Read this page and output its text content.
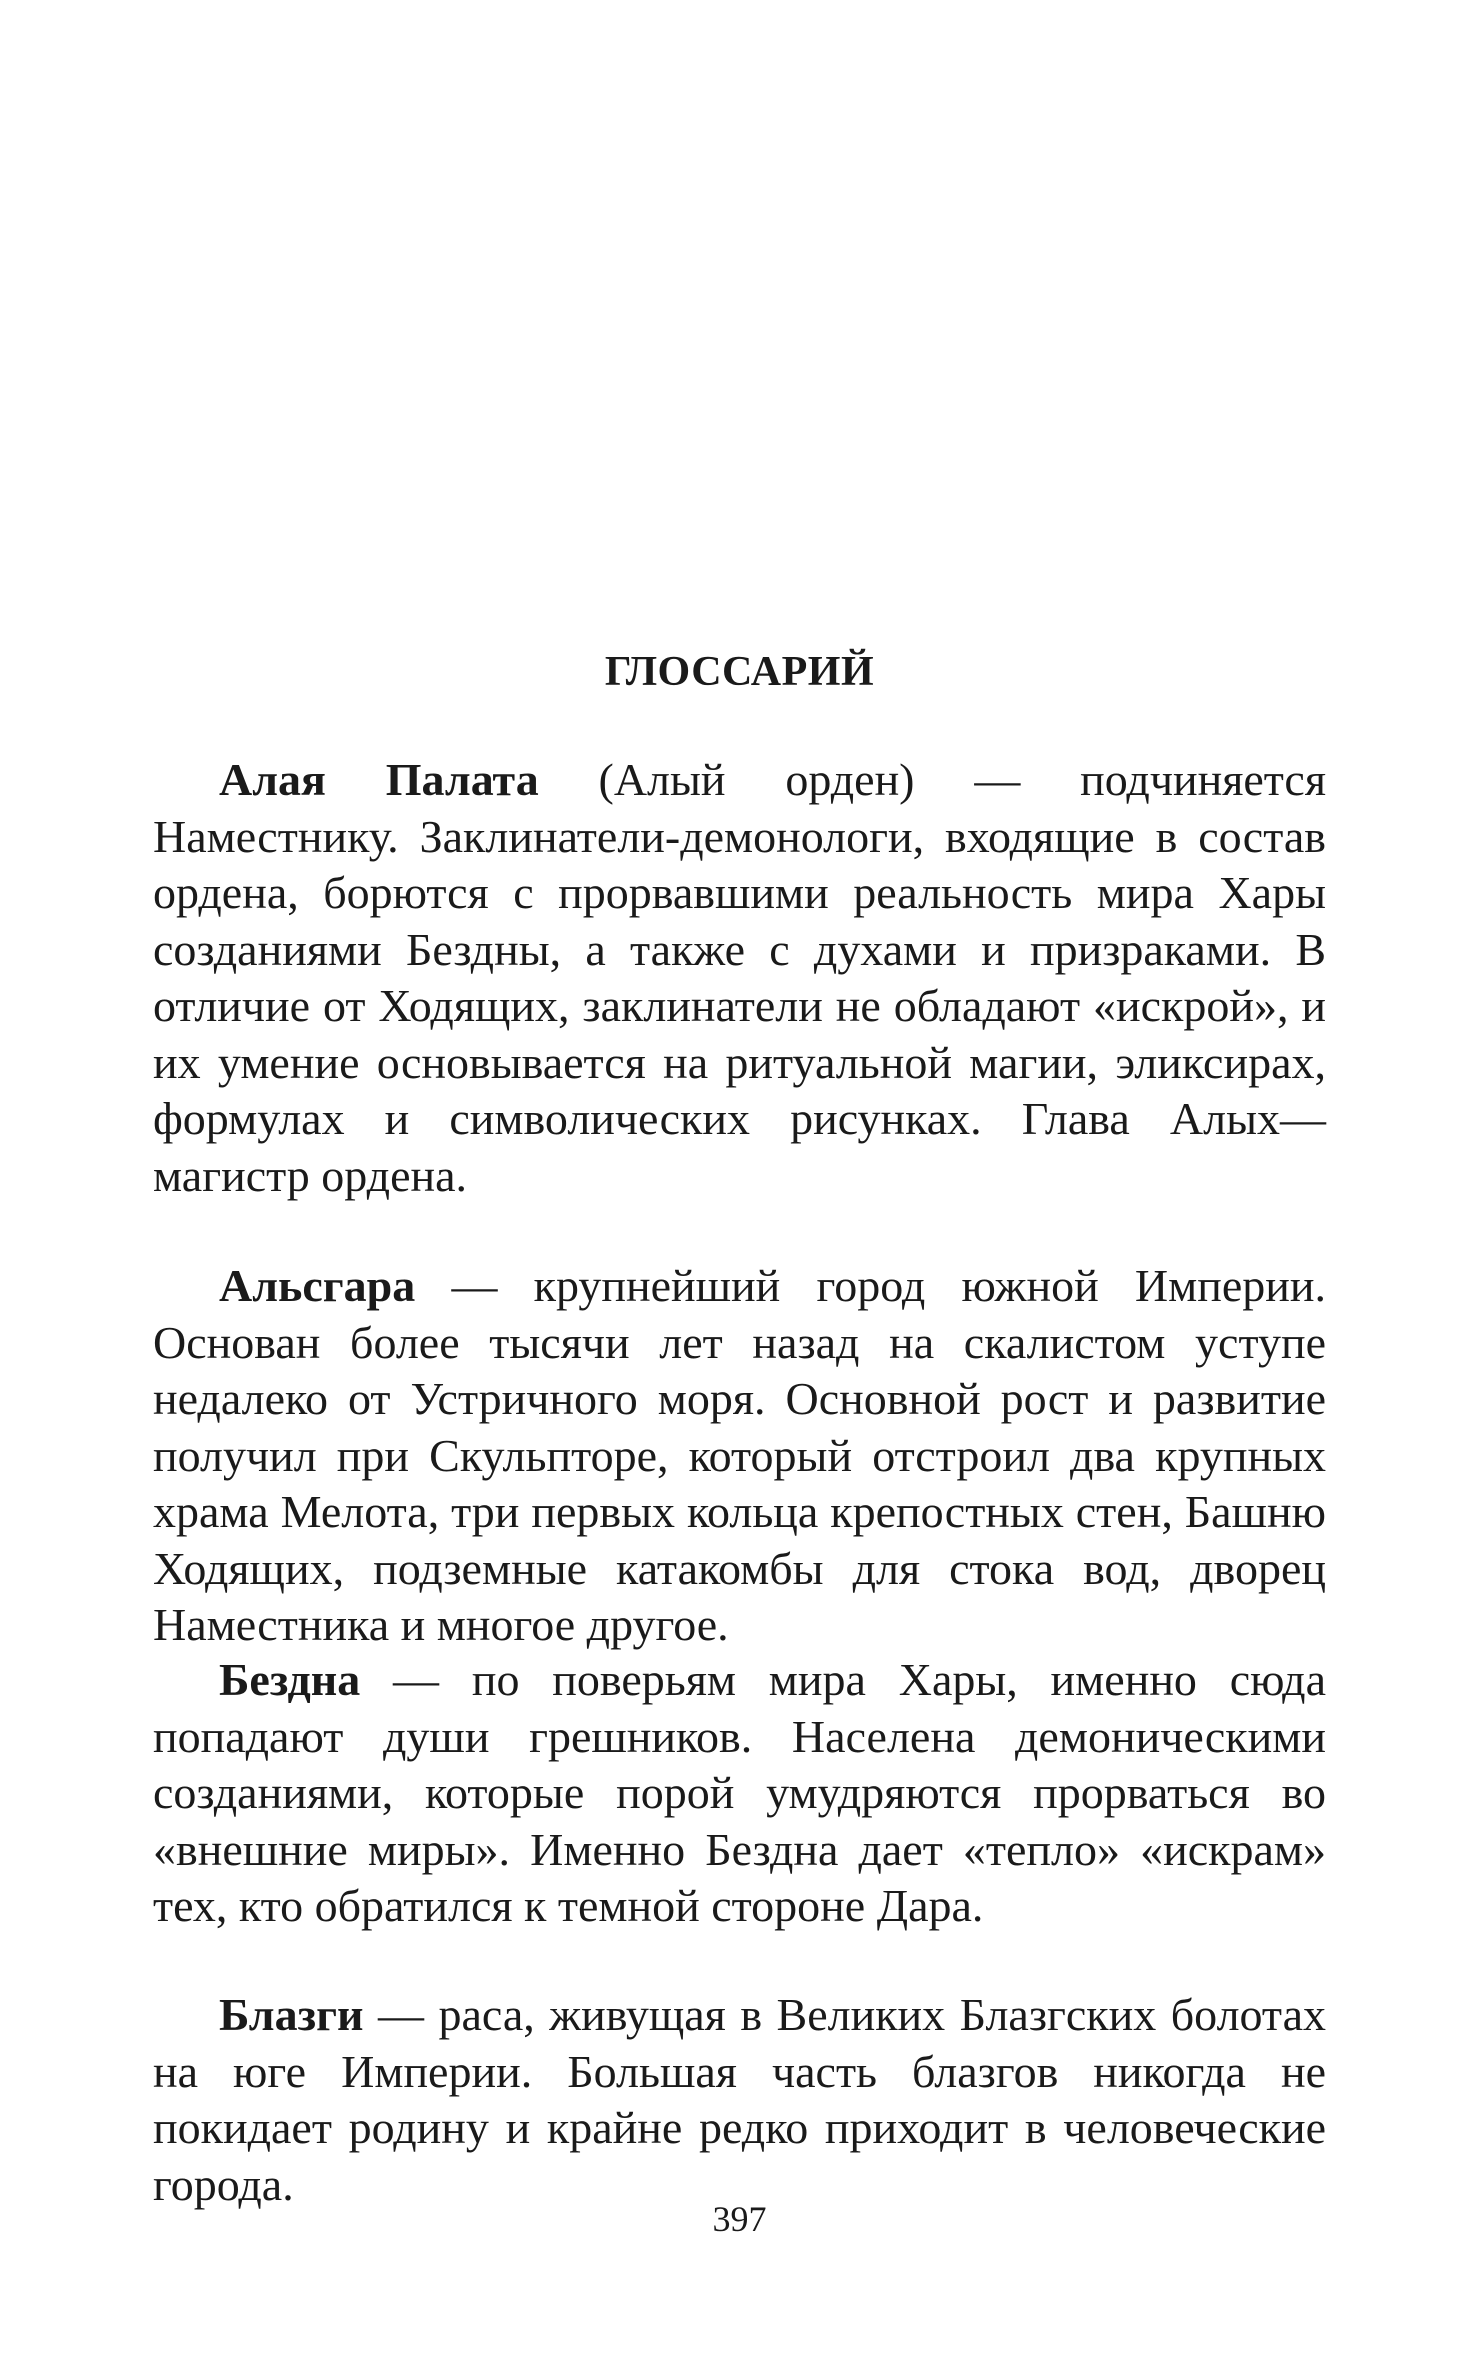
ГЛОССАРИЙ

Алая Палата (Алый орден) — подчиняется Наместнику. Заклинатели-демонологи, входящие в состав ордена, борются с прорвавшими реальность мира Хары созданиями Бездны, а также с духами и призраками. В отличие от Ходящих, заклинатели не обладают «искрой», и их умение основывается на ритуальной магии, эликсирах, формулах и символических рисунках. Глава Алых— магистр ордена.

Альсгара — крупнейший город южной Империи. Основан более тысячи лет назад на скалистом уступе недалеко от Устричного моря. Основной рост и развитие получил при Скульпторе, который отстроил два крупных храма Мелота, три первых кольца крепостных стен, Башню Ходящих, подземные катакомбы для стока вод, дворец Наместника и многое другое.

Бездна — по поверьям мира Хары, именно сюда попадают души грешников. Населена демоническими созданиями, которые порой умудряются прорваться во «внешние миры». Именно Бездна дает «тепло» «искрам» тех, кто обратился к темной стороне Дара.

Блазги — раса, живущая в Великих Блазгских болотах на юге Империи. Большая часть блазгов никогда не покидает родину и крайне редко приходит в человеческие города.

397
